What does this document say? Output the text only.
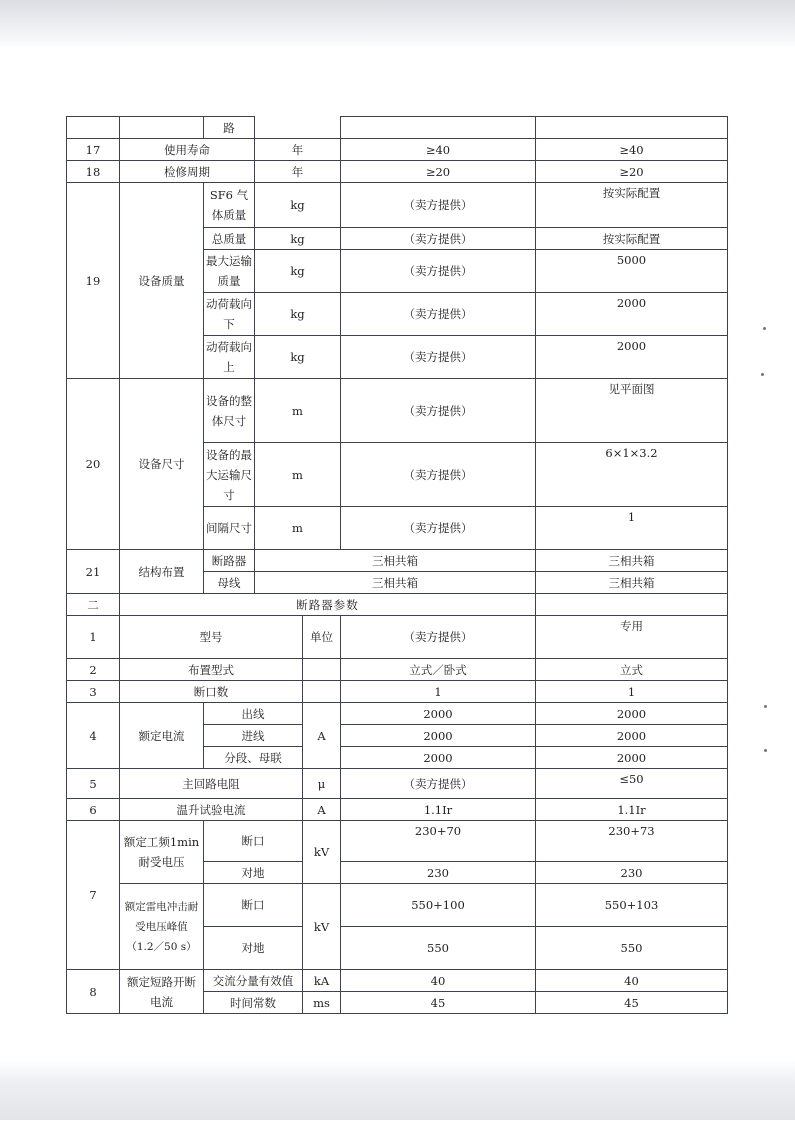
		路				
17	使用寿命		年		≥40	≥40
18	检修周期		年		≥20	≥20
19	设备质量	SF6 气体质量	kg		（卖方提供）	按实际配置
		总质量	kg		（卖方提供）	按实际配置
		最大运输质量	kg		（卖方提供）	5000
		动荷载向下	kg		（卖方提供）	2000
		动荷载向上	kg		（卖方提供）	2000
20	设备尺寸	设备的整体尺寸	m		（卖方提供）	见平面图
		设备的最大运输尺寸	m		（卖方提供）	6×1×3.2
		间隔尺寸	m		（卖方提供）	1
21	结构布置	断路器	三相共箱			三相共箱
		母线	三相共箱			三相共箱
二	断路器参数					
1	型号			单位	（卖方提供）	专用
2	布置型式				立式／卧式	立式
3	断口数				1	1
4	额定电流	出线		A	2000	2000
		进线			2000	2000
		分段、母联			2000	2000
5	主回路电阻			μ	（卖方提供）	≤50
6	温升试验电流			A	1.1Ir	1.1Ir
7	额定工频1min耐受电压	断口		kV	230+70	230+73
		对地			230	230
	额定雷电冲击耐受电压峰值（1.2／50 s）	断口		kV	550+100	550+103
		对地			550	550
8	额定短路开断电流	交流分量有效值		kA	40	40
		时间常数		ms	45	45
